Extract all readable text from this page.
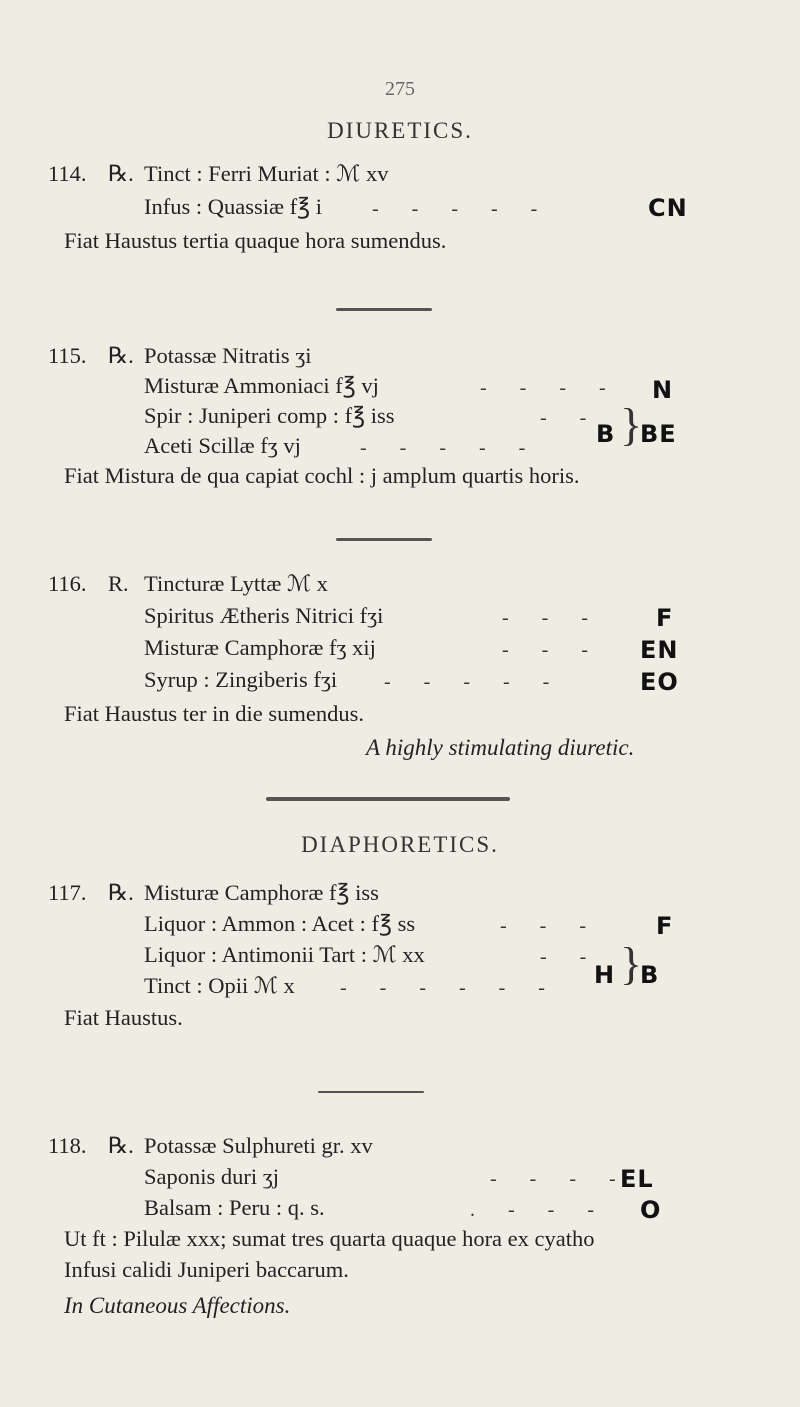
275
DIURETICS.
114. ℞. Tinct : Ferri Muriat : ℳ xv
Infus : Quassiæ f℥ i	- - - - -	CN
Fiat Haustus tertia quaque hora sumendus.
115. ℞. Potassæ Nitratis ʒi
Misturæ Ammoniaci f℥ vj
Spir : Juniperi comp : f℥ iss
Aceti Scillæ fʒ vj
- - - -
- -
- - - - -
N
B }
BE
Fiat Mistura de qua capiat cochl : j amplum quartis horis.
116. R. Tincturæ Lyttæ ℳ x
Spiritus Ætheris Nitrici fʒi
Misturæ Camphoræ fʒ xij
Syrup : Zingiberis fʒi
- - -
- - -
- - - - -
F
EN
EO
Fiat Haustus ter in die sumendus.
A highly stimulating diuretic.
DIAPHORETICS.
117. ℞. Misturæ Camphoræ f℥ iss
Liquor : Ammon : Acet : f℥ ss
Liquor : Antimonii Tart : ℳ xx
Tinct : Opii ℳ x
- - -
- -
- - - - - -
F
H }
B
Fiat Haustus.
118. ℞. Potassæ Sulphureti gr. xv
Saponis duri ʒj
Balsam : Peru : q. s.
- - - -
. - - -
EL
O
Ut ft : Pilulæ xxx; sumat tres quarta quaque hora ex cyatho
Infusi calidi Juniperi baccarum.
In Cutaneous Affections.
